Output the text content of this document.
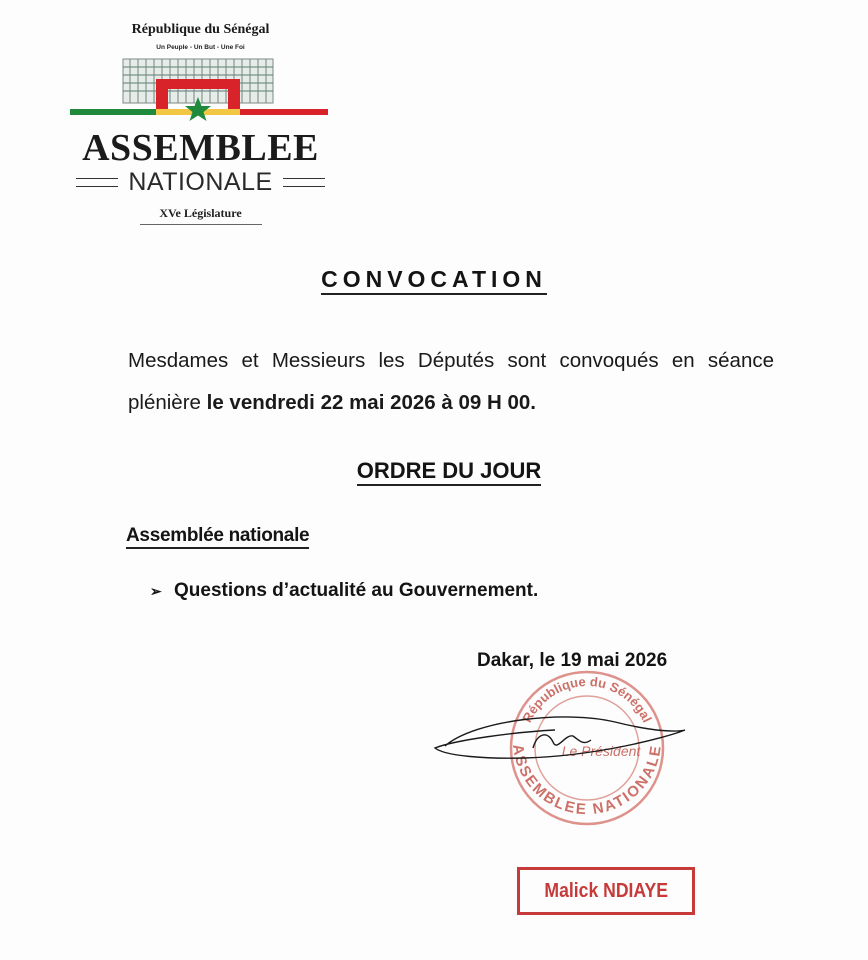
République du Sénégal
Un Peuple - Un But - Une Foi
ASSEMBLEE
NATIONALE
XVe Législature
CONVOCATION
Mesdames et Messieurs les Députés sont convoqués en séance plénière le vendredi 22 mai 2026 à 09 H 00.
ORDRE DU JOUR
Assemblée nationale
➢ Questions d’actualité au Gouvernement.
Dakar, le 19 mai 2026
République du Sénégal
ASSEMBLEE NATIONALE
Le Président
Malick NDIAYE
